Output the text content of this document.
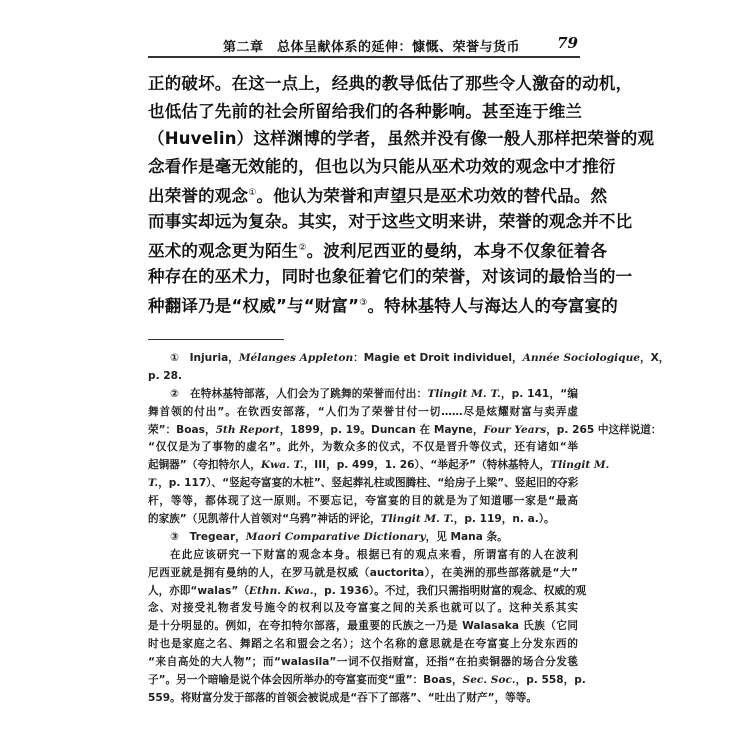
第二章　总体呈献体系的延伸：慷慨、荣誉与货币 79
正的破坏。在这一点上，经典的教导低估了那些令人激奋的动机，
也低估了先前的社会所留给我们的各种影响。甚至连于维兰
（Huvelin）这样渊博的学者，虽然并没有像一般人那样把荣誉的观
念看作是毫无效能的，但也以为只能从巫术功效的观念中才推衍
出荣誉的观念①。他认为荣誉和声望只是巫术功效的替代品。然
而事实却远为复杂。其实，对于这些文明来讲，荣誉的观念并不比
巫术的观念更为陌生②。波利尼西亚的曼纳，本身不仅象征着各
种存在的巫术力，同时也象征着它们的荣誉，对该词的最恰当的一
种翻译乃是“权威”与“财富”③。特林基特人与海达人的夸富宴的
①　Injuria，Mélanges Appleton：Magie et Droit individuel，Année Sociologique，X，
p. 28.
②　在特林基特部落，人们会为了跳舞的荣誉而付出：Tlingit M. T.，p. 141，“编
舞首领的付出”。在钦西安部落，“人们为了荣誉甘付一切……尽是炫耀财富与卖弄虚
荣”：Boas，5th Report，1899，p. 19。Duncan 在 Mayne，Four Years，p. 265 中这样说道：
“仅仅是为了事物的虚名”。此外，为数众多的仪式，不仅是晋升等仪式，还有诸如“举
起铜器”（夸扣特尔人，Kwa. T.，III，p. 499，1. 26）、“举起矛”（特林基特人，Tlingit M.
T.，p. 117）、“竖起夸富宴的木桩”、竖起葬礼柱或图腾柱、“给房子上梁”、竖起旧的夺彩
杆，等等，都体现了这一原则。不要忘记，夸富宴的目的就是为了知道哪一家是“最高
的家族”（见凯蒂什人首领对“乌鸦”神话的评论，Tlingit M. T.，p. 119，n. a.）。
③　Tregear，Maori Comparative Dictionary，见 Mana 条。
在此应该研究一下财富的观念本身。根据已有的观点来看，所谓富有的人在波利
尼西亚就是拥有曼纳的人，在罗马就是权威（auctorita），在美洲的那些部落就是“大”
人，亦即“walas”（Ethn. Kwa.，p. 1936）。不过，我们只需指明财富的观念、权威的观
念、对接受礼物者发号施令的权利以及夸富宴之间的关系也就可以了。这种关系其实
是十分明显的。例如，在夸扣特尔部落，最重要的氏族之一乃是 Walasaka 氏族（它同
时也是家庭之名、舞蹈之名和盟会之名）；这个名称的意思就是在夸富宴上分发东西的
“来自高处的大人物”；而“walasila”一词不仅指财富，还指“在拍卖铜器的场合分发毯
子”。另一个暗喻是说个体会因所举办的夸富宴而变“重”：Boas，Sec. Soc.，p. 558，p.
559。将财富分发于部落的首领会被说成是“吞下了部落”、“吐出了财产”，等等。
